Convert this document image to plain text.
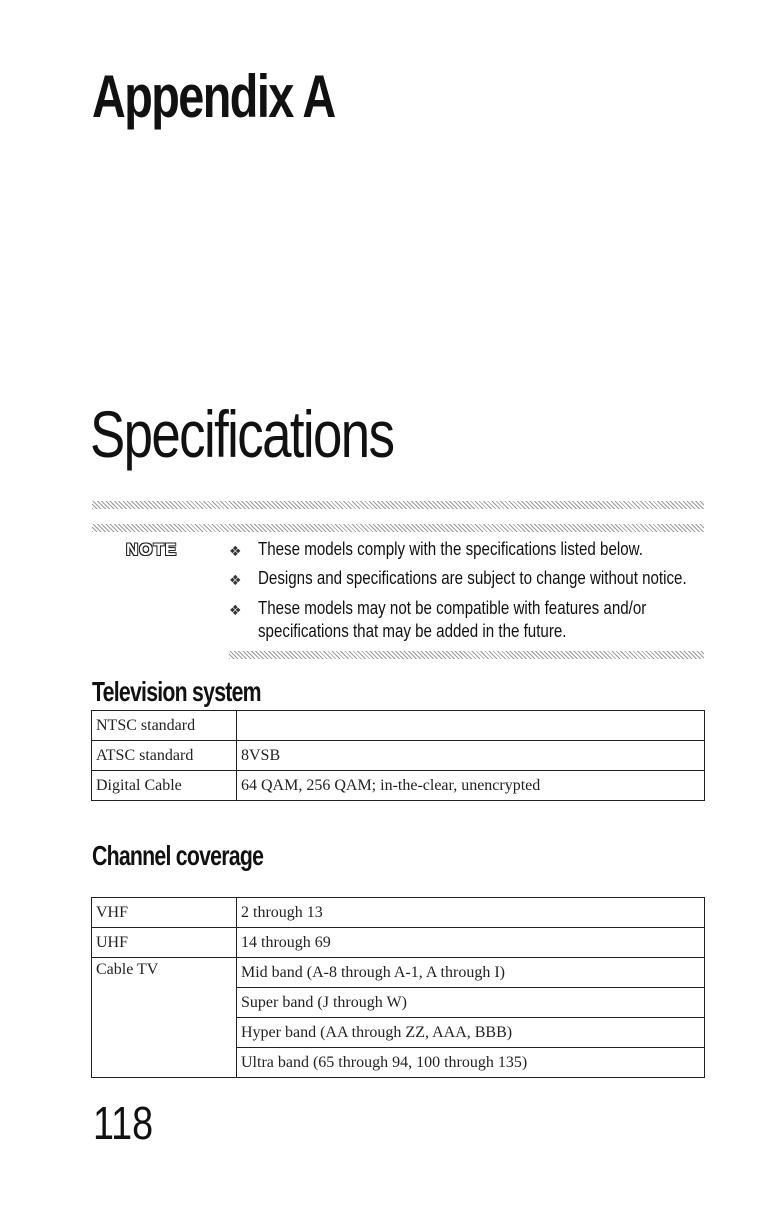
Appendix A
Specifications
NOTE	❖ These models comply with the specifications listed below.
❖ Designs and specifications are subject to change without notice.
❖ These models may not be compatible with features and/or
specifications that may be added in the future.
Television system
NTSC standard	
ATSC standard	8VSB
Digital Cable	64 QAM, 256 QAM; in-the-clear, unencrypted
Channel coverage
VHF	2 through 13
UHF	14 through 69
Cable TV	Mid band (A-8 through A-1, A through I)
	Super band (J through W)
	Hyper band (AA through ZZ, AAA, BBB)
	Ultra band (65 through 94, 100 through 135)
118
